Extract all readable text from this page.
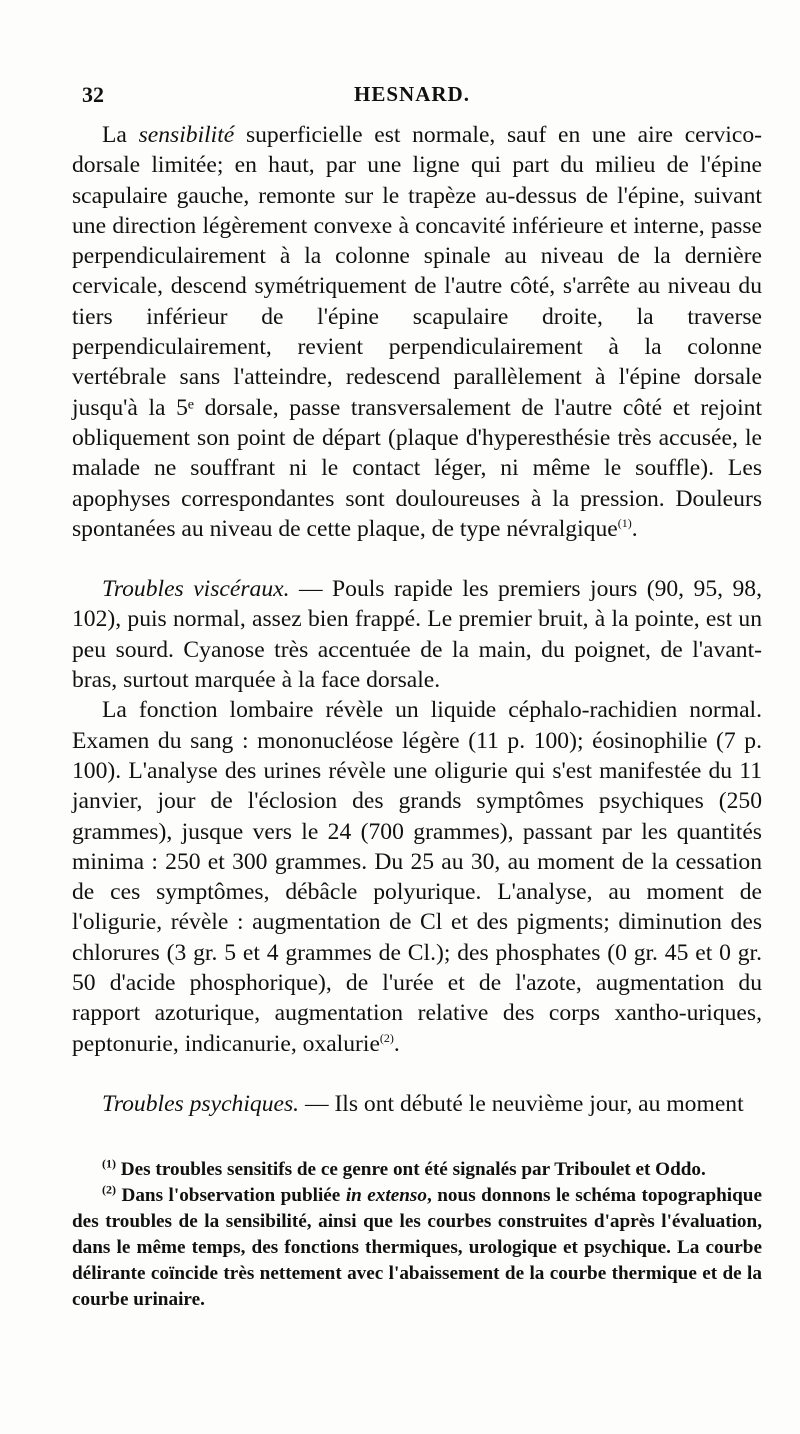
32	HESNARD.

La sensibilité superficielle est normale, sauf en une aire cervico-dorsale limitée; en haut, par une ligne qui part du milieu de l'épine scapulaire gauche, remonte sur le trapèze au-dessus de l'épine, suivant une direction légèrement convexe à concavité inférieure et interne, passe perpendiculairement à la colonne spinale au niveau de la dernière cervicale, descend symétriquement de l'autre côté, s'arrête au niveau du tiers inférieur de l'épine scapulaire droite, la traverse perpendiculairement, revient perpendiculairement à la colonne vertébrale sans l'atteindre, redescend parallèlement à l'épine dorsale jusqu'à la 5ᵉ dorsale, passe transversalement de l'autre côté et rejoint obliquement son point de départ (plaque d'hyperesthésie très accusée, le malade ne souffrant ni le contact léger, ni même le souffle). Les apophyses correspondantes sont douloureuses à la pression. Douleurs spontanées au niveau de cette plaque, de type névralgique$^{(1)}$.

Troubles viscéraux. — Pouls rapide les premiers jours (90, 95, 98, 102), puis normal, assez bien frappé. Le premier bruit, à la pointe, est un peu sourd. Cyanose très accentuée de la main, du poignet, de l'avant-bras, surtout marquée à la face dorsale.

La fonction lombaire révèle un liquide céphalo-rachidien normal. Examen du sang : mononucléose légère (11 p. 100); éosinophilie (7 p. 100). L'analyse des urines révèle une oligurie qui s'est manifestée du 11 janvier, jour de l'éclosion des grands symptômes psychiques (250 grammes), jusque vers le 24 (700 grammes), passant par les quantités minima : 250 et 300 grammes. Du 25 au 30, au moment de la cessation de ces symptômes, débâcle polyurique. L'analyse, au moment de l'oligurie, révèle : augmentation de Cl et des pigments; diminution des chlorures (3 gr. 5 et 4 grammes de Cl.); des phosphates (0 gr. 45 et 0 gr. 50 d'acide phosphorique), de l'urée et de l'azote, augmentation du rapport azoturique, augmentation relative des corps xantho-uriques, peptonurie, indicanurie, oxalurie$^{(2)}$.

Troubles psychiques. — Ils ont débuté le neuvième jour, au moment

$^{(1)}$ Des troubles sensitifs de ce genre ont été signalés par Triboulet et Oddo.

$^{(2)}$ Dans l'observation publiée in extenso, nous donnons le schéma topographique des troubles de la sensibilité, ainsi que les courbes construites d'après l'évaluation, dans le même temps, des fonctions thermiques, urologique et psychique. La courbe délirante coïncide très nettement avec l'abaissement de la courbe thermique et de la courbe urinaire.
